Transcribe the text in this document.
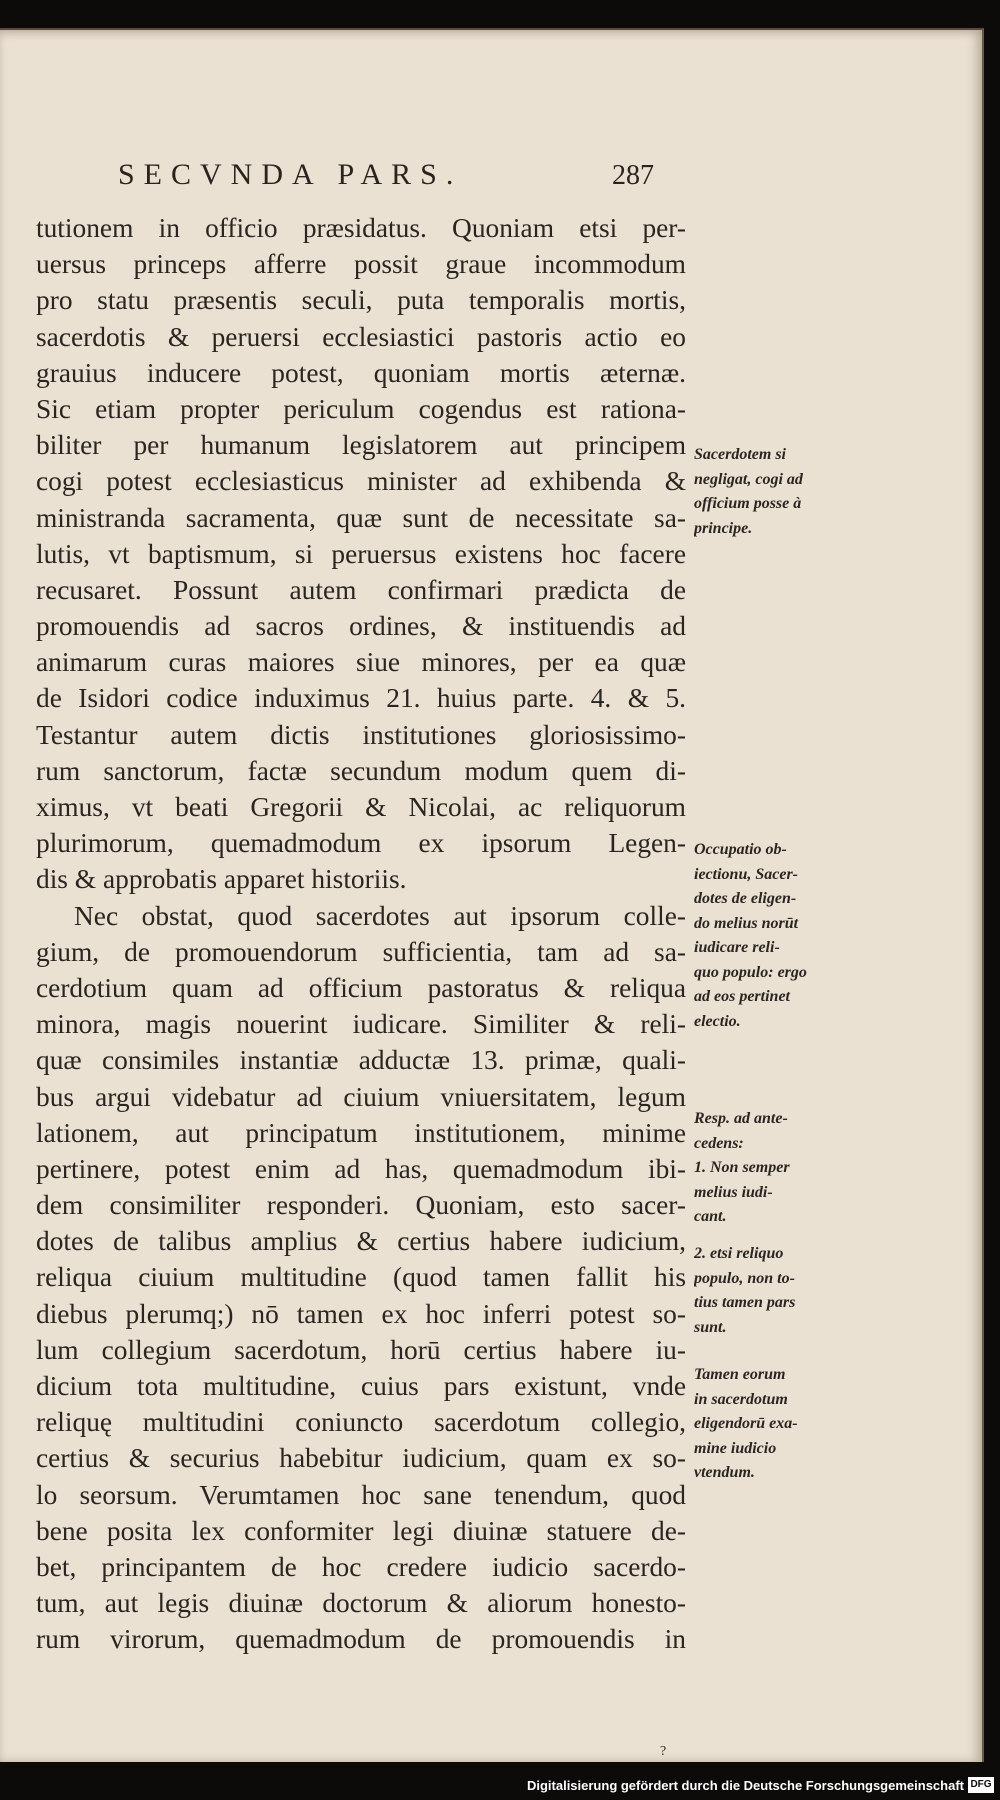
SECVNDA PARS.	287
tutionem in officio præsidatus. Quoniam etsi per-
uersus princeps afferre possit graue incommodum
pro statu præsentis seculi, puta temporalis mortis,
sacerdotis & peruersi ecclesiastici pastoris actio eo
grauius inducere potest, quoniam mortis æternæ.
Sic etiam propter periculum cogendus est rationa-
biliter per humanum legislatorem aut principem
cogi potest ecclesiasticus minister ad exhibenda &
ministranda sacramenta, quæ sunt de necessitate sa-
lutis, vt baptismum, si peruersus existens hoc facere
recusaret. Possunt autem confirmari prædicta de
promouendis ad sacros ordines, & instituendis ad
animarum curas maiores siue minores, per ea quæ
de Isidori codice induximus 21. huius parte. 4. & 5.
Testantur autem dictis institutiones gloriosissimo-
rum sanctorum, factæ secundum modum quem di-
ximus, vt beati Gregorii & Nicolai, ac reliquorum
plurimorum, quemadmodum ex ipsorum Legen-
dis & approbatis apparet historiis.
Nec obstat, quod sacerdotes aut ipsorum colle-
gium, de promouendorum sufficientia, tam ad sa-
cerdotium quam ad officium pastoratus & reliqua
minora, magis nouerint iudicare. Similiter & reli-
quæ consimiles instantiæ adductæ 13. primæ, quali-
bus argui videbatur ad ciuium vniuersitatem, legum
lationem, aut principatum institutionem, minime
pertinere, potest enim ad has, quemadmodum ibi-
dem consimiliter responderi. Quoniam, esto sacer-
dotes de talibus amplius & certius habere iudicium,
reliqua ciuium multitudine (quod tamen fallit his
diebus plerumq;) nō tamen ex hoc inferri potest so-
lum collegium sacerdotum, horū certius habere iu-
dicium tota multitudine, cuius pars existunt, vnde
reliquę multitudini coniuncto sacerdotum collegio,
certius & securius habebitur iudicium, quam ex so-
lo seorsum. Verumtamen hoc sane tenendum, quod
bene posita lex conformiter legi diuinæ statuere de-
bet, principantem de hoc credere iudicio sacerdo-
tum, aut legis diuinæ doctorum & aliorum honesto-
rum virorum, quemadmodum de promouendis in
Sacerdotem si
negligat, cogi ad
officium posse à
principe.
Occupatio ob-
iectionu, Sacer-
dotes de eligen-
do melius norūt
iudicare reli-
quo populo: ergo
ad eos pertinet
electio.
Resp. ad ante-
cedens:
1. Non semper
melius iudi-
cant.
2. etsi reliquo
populo, non to-
tius tamen pars
sunt.
Tamen eorum
in sacerdotum
eligendorū exa-
mine iudicio
vtendum.
?
Digitalisierung gefördert durch die Deutsche Forschungsgemeinschaft DFG
